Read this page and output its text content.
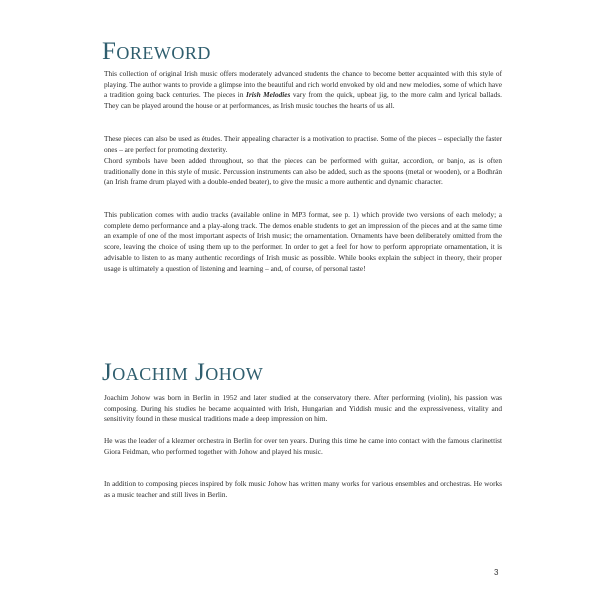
Foreword

This collection of original Irish music offers moderately advanced students the chance to become better acquainted with this style of playing. The author wants to provide a glimpse into the beautiful and rich world envoked by old and new melodies, some of which have a tradition going back centuries. The pieces in Irish Melodies vary from the quick, upbeat jig, to the more calm and lyrical ballads. They can be played around the house or at performances, as Irish music touches the hearts of us all.

These pieces can also be used as études. Their appealing character is a motivation to practise. Some of the pieces – especially the faster ones – are perfect for promoting dexterity.

Chord symbols have been added throughout, so that the pieces can be performed with guitar, accordion, or banjo, as is often traditionally done in this style of music. Percussion instruments can also be added, such as the spoons (metal or wooden), or a Bodhrán (an Irish frame drum played with a double-ended beater), to give the music a more authentic and dynamic character.

This publication comes with audio tracks (available online in MP3 format, see p. 1) which provide two versions of each melody; a complete demo performance and a play-along track. The demos enable students to get an impression of the pieces and at the same time an example of one of the most important aspects of Irish music; the ornamentation. Ornaments have been deliberately omitted from the score, leaving the choice of using them up to the performer. In order to get a feel for how to perform appropriate ornamentation, it is advisable to listen to as many authentic recordings of Irish music as possible. While books explain the subject in theory, their proper usage is ultimately a question of listening and learning – and, of course, of personal taste!

Joachim Johow

Joachim Johow was born in Berlin in 1952 and later studied at the conservatory there. After performing (violin), his passion was composing. During his studies he became acquainted with Irish, Hungarian and Yiddish music and the expressiveness, vitality and sensitivity found in these musical traditions made a deep impression on him.

He was the leader of a klezmer orchestra in Berlin for over ten years. During this time he came into contact with the famous clarinettist Giora Feidman, who performed together with Johow and played his music.

In addition to composing pieces inspired by folk music Johow has written many works for various ensembles and orchestras. He works as a music teacher and still lives in Berlin.

3
